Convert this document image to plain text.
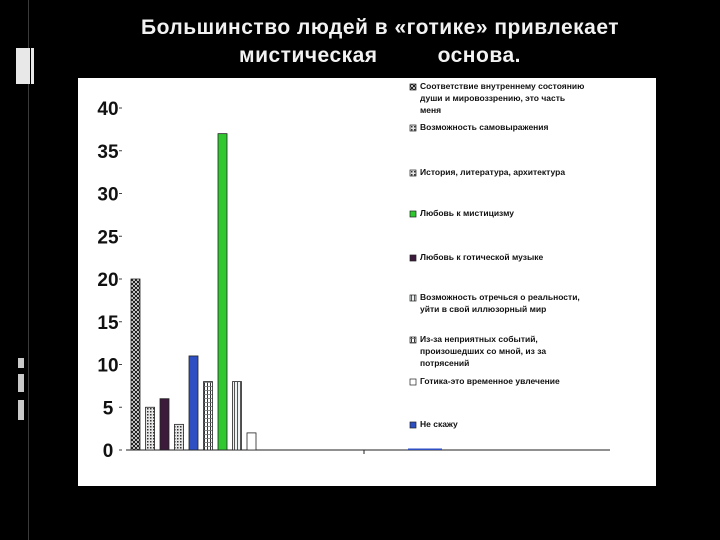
Большинство людей в «готике» привлекает
мистическая	основа.
0
5
10
15
20
25
30
35
40
Соответствие внутреннему состоянию
души и мировоззрению, это часть
меня
Возможность самовыражения
История, литература, архитектура
Любовь к мистицизму
Любовь к готической музыке
Возможность отречься о реальности,
уйти в свой иллюзорный мир
Из-за неприятных событий,
произошедших со мной, из за
потрясений
Готика-это временное увлечение
Не скажу
